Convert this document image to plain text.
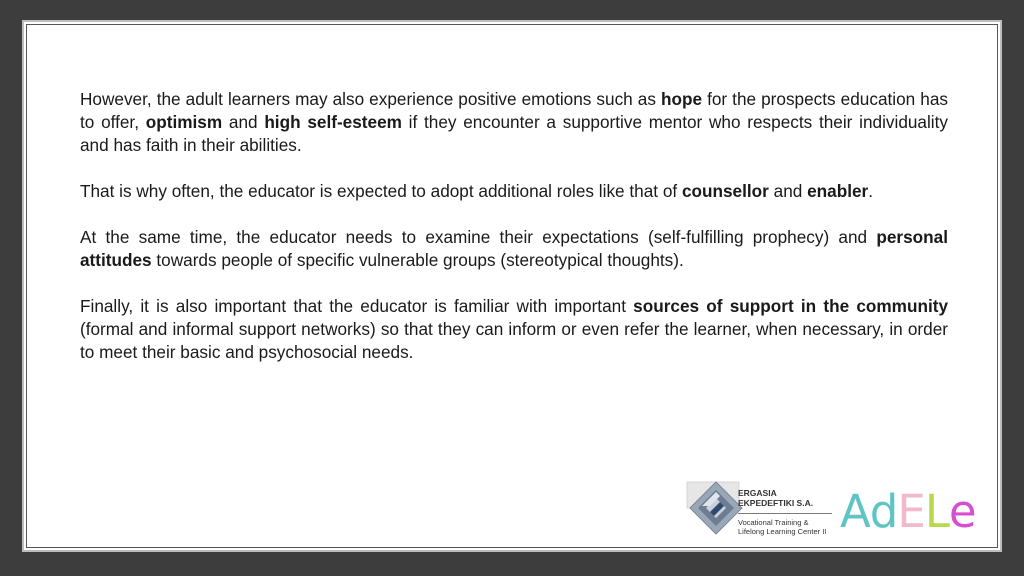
However, the adult learners may also experience positive emotions such as hope for the prospects education has to offer, optimism and high self-esteem if they encounter a supportive mentor who respects their individuality and has faith in their abilities.

That is why often, the educator is expected to adopt additional roles like that of counsellor and enabler.

At the same time, the educator needs to examine their expectations (self-fulfilling prophecy) and personal attitudes towards people of specific vulnerable groups (stereotypical thoughts).

Finally, it is also important that the educator is familiar with important sources of support in the community (formal and informal support networks) so that they can inform or even refer the learner, when necessary, in order to meet their basic and psychosocial needs.

ERGASIA
EKPEDEFTIKI S.A.
Vocational Training &
Lifelong Learning Center II AdELe
